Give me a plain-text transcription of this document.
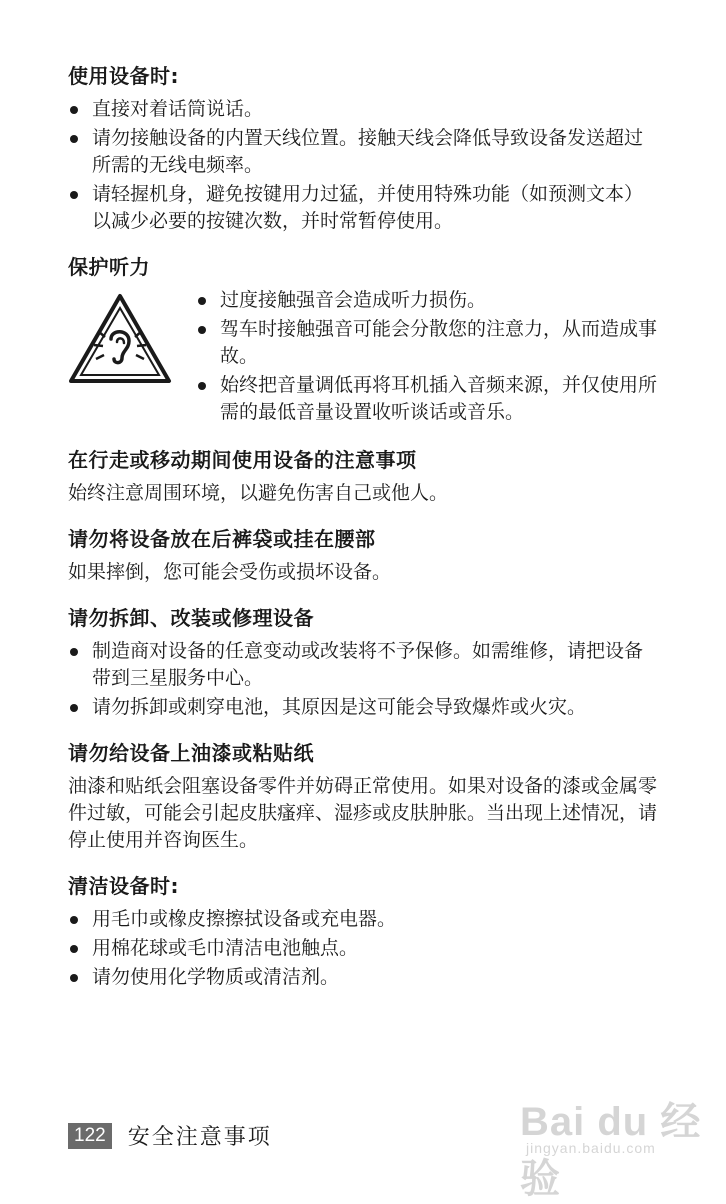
使用设备时:
直接对着话筒说话。
请勿接触设备的内置天线位置。接触天线会降低导致设备发送超过所需的无线电频率。
请轻握机身，避免按键用力过猛，并使用特殊功能（如预测文本）以减少必要的按键次数，并时常暂停使用。
保护听力
过度接触强音会造成听力损伤。
驾车时接触强音可能会分散您的注意力，从而造成事故。
始终把音量调低再将耳机插入音频来源，并仅使用所需的最低音量设置收听谈话或音乐。
在行走或移动期间使用设备的注意事项

始终注意周围环境，以避免伤害自己或他人。

请勿将设备放在后裤袋或挂在腰部

如果摔倒，您可能会受伤或损坏设备。

请勿拆卸、改装或修理设备
制造商对设备的任意变动或改装将不予保修。如需维修，请把设备带到三星服务中心。
请勿拆卸或刺穿电池，其原因是这可能会导致爆炸或火灾。
请勿给设备上油漆或粘贴纸

油漆和贴纸会阻塞设备零件并妨碍正常使用。如果对设备的漆或金属零件过敏，可能会引起皮肤瘙痒、湿疹或皮肤肿胀。当出现上述情况，请停止使用并咨询医生。

清洁设备时:
用毛巾或橡皮擦擦拭设备或充电器。
用棉花球或毛巾清洁电池触点。
请勿使用化学物质或清洁剂。
Bai du 经验
jingyan.baidu.com
122 安全注意事项
